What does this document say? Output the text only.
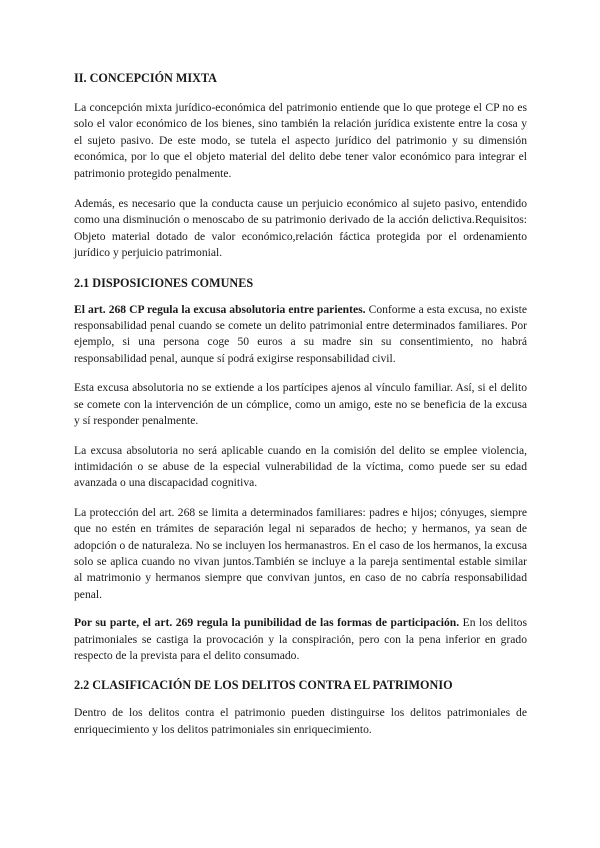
II. CONCEPCIÓN MIXTA

La concepción mixta jurídico-económica del patrimonio entiende que lo que protege el CP no es solo el valor económico de los bienes, sino también la relación jurídica existente entre la cosa y el sujeto pasivo. De este modo, se tutela el aspecto jurídico del patrimonio y su dimensión económica, por lo que el objeto material del delito debe tener valor económico para integrar el patrimonio protegido penalmente.

Además, es necesario que la conducta cause un perjuicio económico al sujeto pasivo, entendido como una disminución o menoscabo de su patrimonio derivado de la acción delictiva.Requisitos: Objeto material dotado de valor económico,relación fáctica protegida por el ordenamiento jurídico y perjuicio patrimonial.

2.1 DISPOSICIONES COMUNES

El art. 268 CP regula la excusa absolutoria entre parientes. Conforme a esta excusa, no existe responsabilidad penal cuando se comete un delito patrimonial entre determinados familiares. Por ejemplo, si una persona coge 50 euros a su madre sin su consentimiento, no habrá responsabilidad penal, aunque sí podrá exigirse responsabilidad civil.

Esta excusa absolutoria no se extiende a los partícipes ajenos al vínculo familiar. Así, si el delito se comete con la intervención de un cómplice, como un amigo, este no se beneficia de la excusa y sí responder penalmente.

La excusa absolutoria no será aplicable cuando en la comisión del delito se emplee violencia, intimidación o se abuse de la especial vulnerabilidad de la víctima, como puede ser su edad avanzada o una discapacidad cognitiva.

La protección del art. 268 se limita a determinados familiares: padres e hijos; cónyuges, siempre que no estén en trámites de separación legal ni separados de hecho; y hermanos, ya sean de adopción o de naturaleza. No se incluyen los hermanastros. En el caso de los hermanos, la excusa solo se aplica cuando no vivan juntos.También se incluye a la pareja sentimental estable similar al matrimonio y hermanos siempre que convivan juntos, en caso de no cabría responsabilidad penal.

Por su parte, el art. 269 regula la punibilidad de las formas de participación. En los delitos patrimoniales se castiga la provocación y la conspiración, pero con la pena inferior en grado respecto de la prevista para el delito consumado.

2.2 CLASIFICACIÓN DE LOS DELITOS CONTRA EL PATRIMONIO

Dentro de los delitos contra el patrimonio pueden distinguirse los delitos patrimoniales de enriquecimiento y los delitos patrimoniales sin enriquecimiento.
